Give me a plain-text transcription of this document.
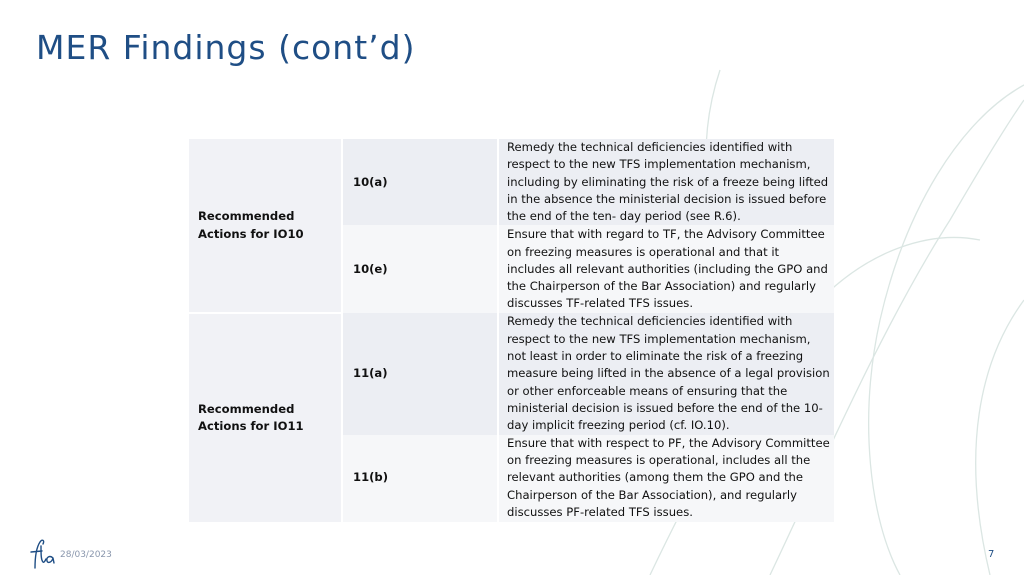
MER Findings (cont’d)
Recommended Actions for IO10	10(a)	Remedy the technical deficiencies identified with respect to the new TFS implementation mechanism, including by eliminating the risk of a freeze being lifted in the absence the ministerial decision is issued before the end of the ten- day period (see R.6).
	10(e)	Ensure that with regard to TF, the Advisory Committee on freezing measures is operational and that it includes all relevant authorities (including the GPO and the Chairperson of the Bar Association) and regularly discusses TF-related TFS issues.
Recommended Actions for IO11	11(a)	Remedy the technical deficiencies identified with respect to the new TFS implementation mechanism, not least in order to eliminate the risk of a freezing measure being lifted in the absence of a legal provision or other enforceable means of ensuring that the ministerial decision is issued before the end of the 10-day implicit freezing period (cf. IO.10).
	11(b)	Ensure that with respect to PF, the Advisory Committee on freezing measures is operational, includes all the relevant authorities (among them the GPO and the Chairperson of the Bar Association), and regularly discusses PF-related TFS issues.
28/03/2023	7
